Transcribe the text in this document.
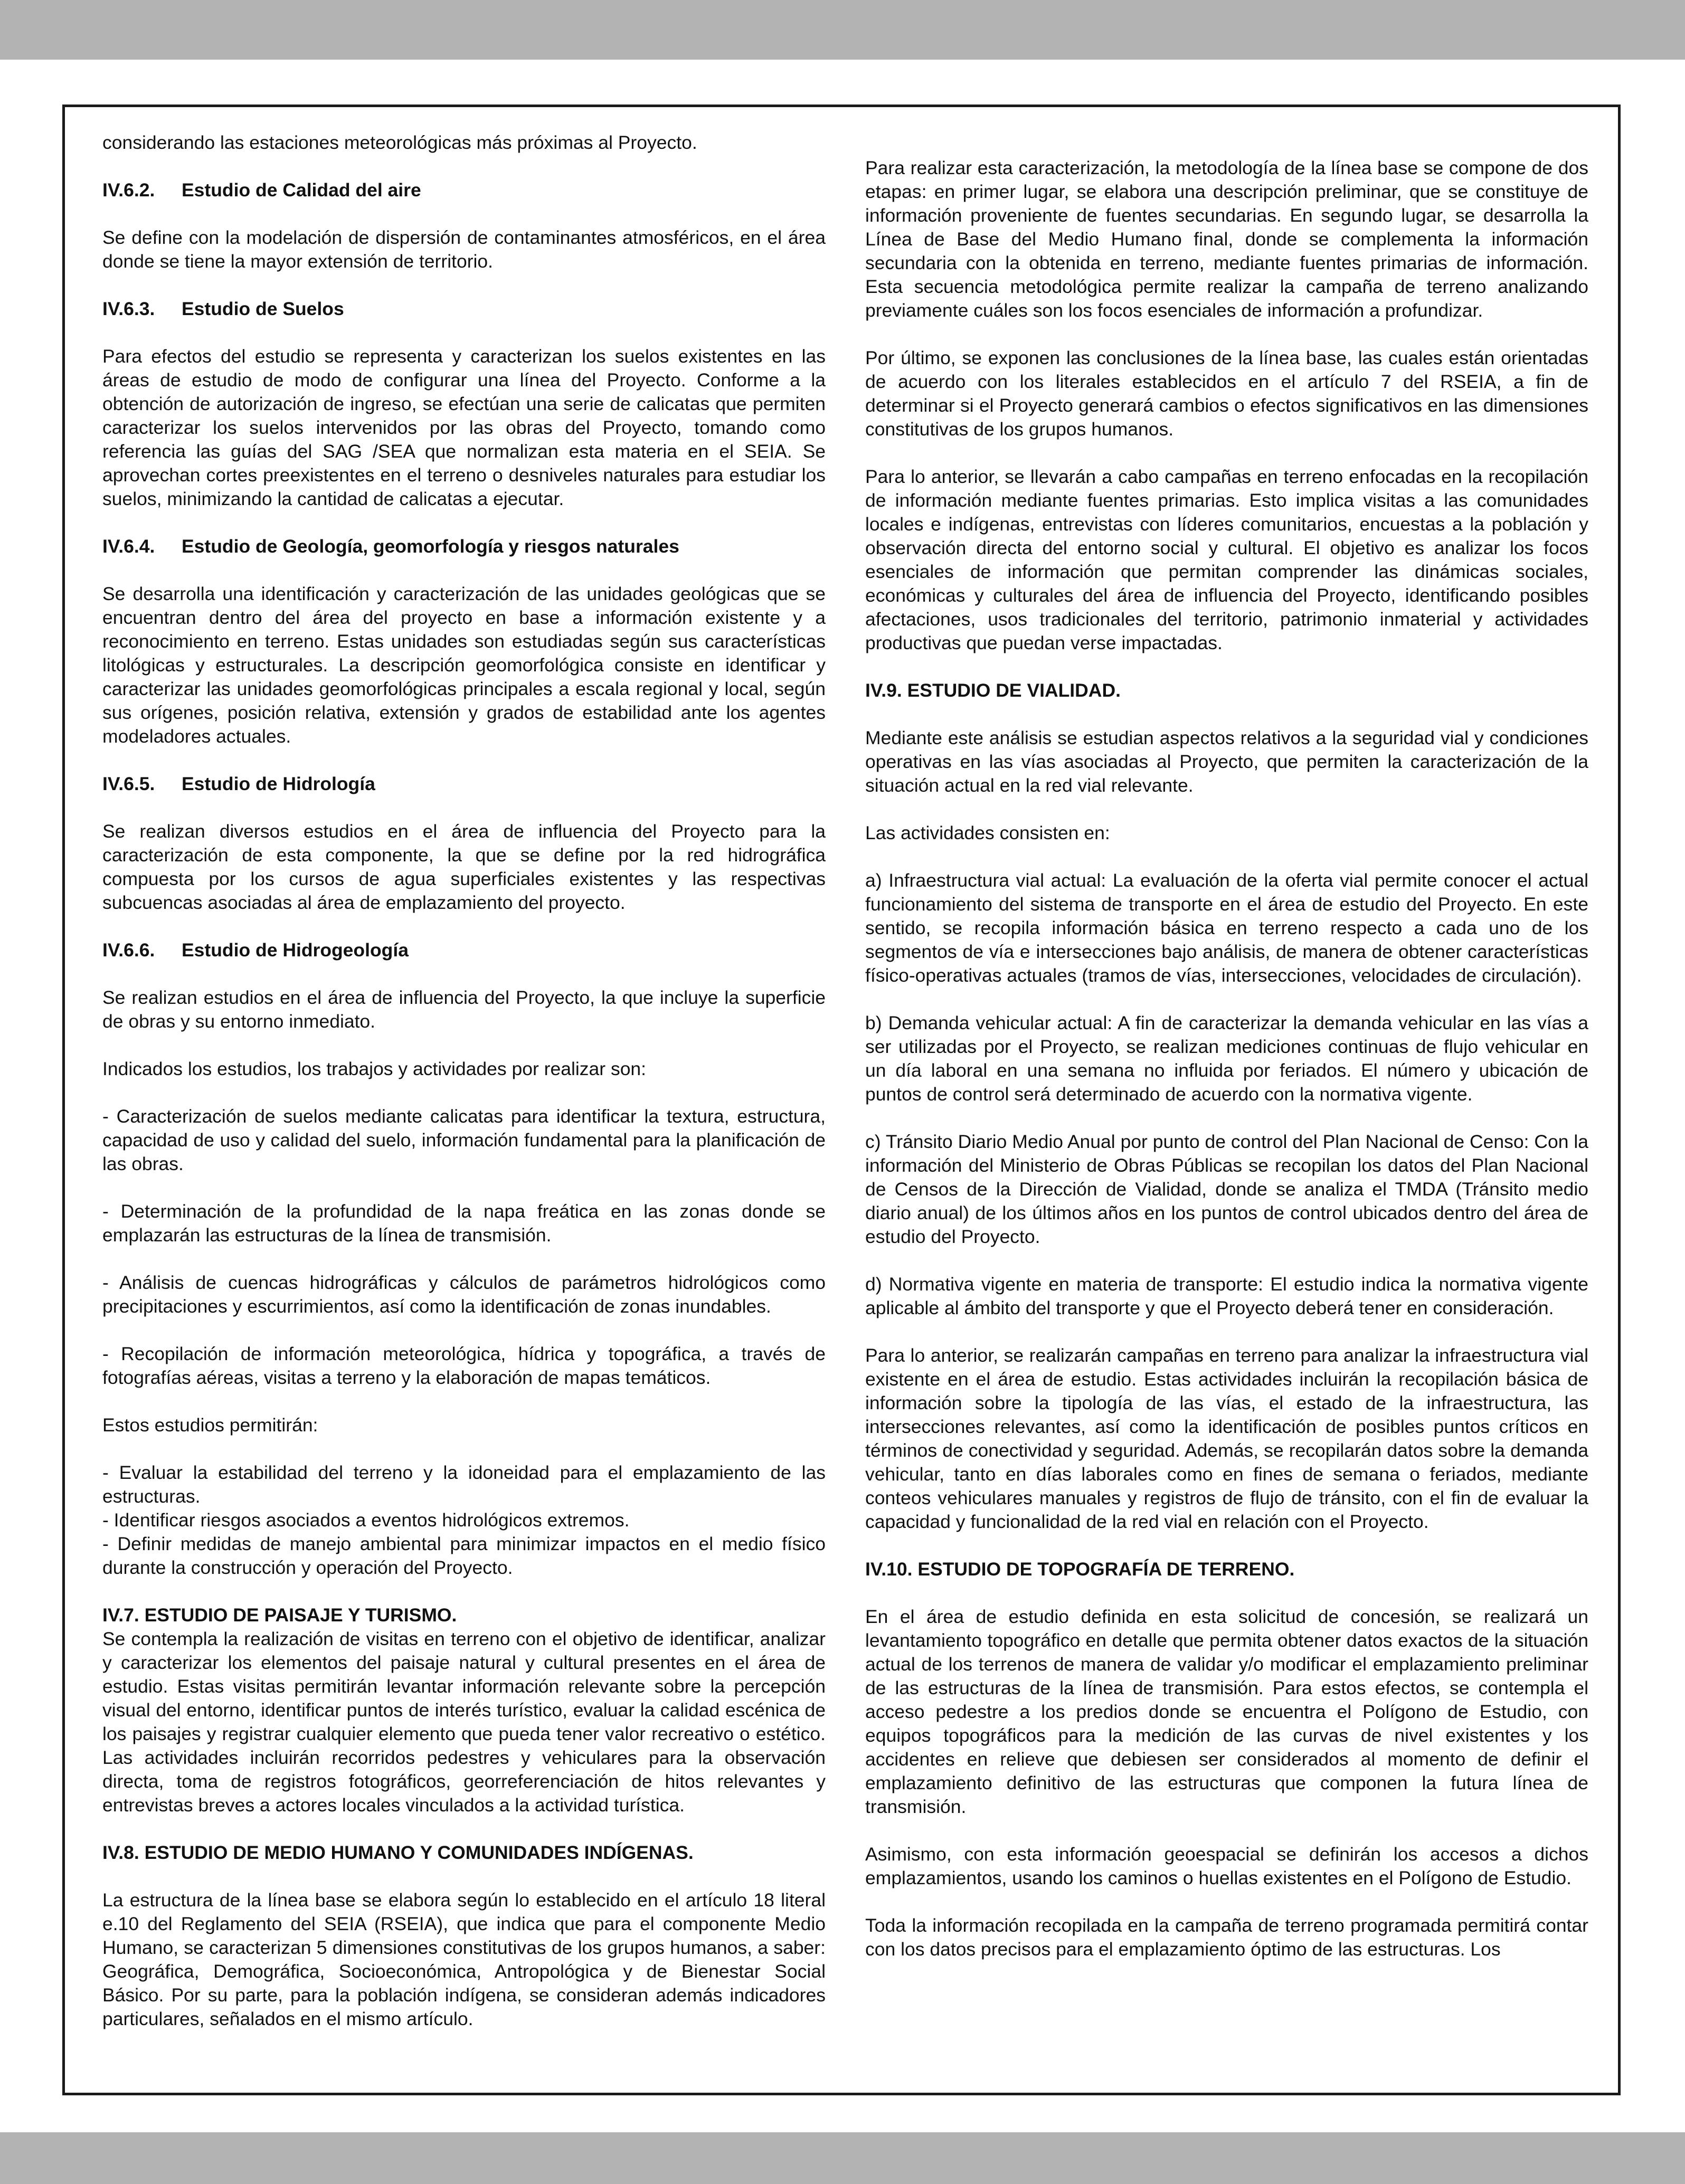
considerando las estaciones meteorológicas más próximas al Proyecto.

IV.6.2. Estudio de Calidad del aire

Se define con la modelación de dispersión de contaminantes atmosféricos, en el área donde se tiene la mayor extensión de territorio.

IV.6.3. Estudio de Suelos

Para efectos del estudio se representa y caracterizan los suelos existentes en las áreas de estudio de modo de configurar una línea del Proyecto. Conforme a la obtención de autorización de ingreso, se efectúan una serie de calicatas que permiten caracterizar los suelos intervenidos por las obras del Proyecto, tomando como referencia las guías del SAG /SEA que normalizan esta materia en el SEIA. Se aprovechan cortes preexistentes en el terreno o desniveles naturales para estudiar los suelos, minimizando la cantidad de calicatas a ejecutar.

IV.6.4. Estudio de Geología, geomorfología y riesgos naturales

Se desarrolla una identificación y caracterización de las unidades geológicas que se encuentran dentro del área del proyecto en base a información existente y a reconocimiento en terreno. Estas unidades son estudiadas según sus características litológicas y estructurales. La descripción geomorfológica consiste en identificar y caracterizar las unidades geomorfológicas principales a escala regional y local, según sus orígenes, posición relativa, extensión y grados de estabilidad ante los agentes modeladores actuales.

IV.6.5. Estudio de Hidrología

Se realizan diversos estudios en el área de influencia del Proyecto para la caracterización de esta componente, la que se define por la red hidrográfica compuesta por los cursos de agua superficiales existentes y las respectivas subcuencas asociadas al área de emplazamiento del proyecto.

IV.6.6. Estudio de Hidrogeología

Se realizan estudios en el área de influencia del Proyecto, la que incluye la superficie de obras y su entorno inmediato.

Indicados los estudios, los trabajos y actividades por realizar son:

- Caracterización de suelos mediante calicatas para identificar la textura, estructura, capacidad de uso y calidad del suelo, información fundamental para la planificación de las obras.

- Determinación de la profundidad de la napa freática en las zonas donde se emplazarán las estructuras de la línea de transmisión.

- Análisis de cuencas hidrográficas y cálculos de parámetros hidrológicos como precipitaciones y escurrimientos, así como la identificación de zonas inundables.

- Recopilación de información meteorológica, hídrica y topográfica, a través de fotografías aéreas, visitas a terreno y la elaboración de mapas temáticos.

Estos estudios permitirán:

- Evaluar la estabilidad del terreno y la idoneidad para el emplazamiento de las estructuras.
- Identificar riesgos asociados a eventos hidrológicos extremos.
- Definir medidas de manejo ambiental para minimizar impactos en el medio físico durante la construcción y operación del Proyecto.
IV.7. ESTUDIO DE PAISAJE Y TURISMO.

Se contempla la realización de visitas en terreno con el objetivo de identificar, analizar y caracterizar los elementos del paisaje natural y cultural presentes en el área de estudio. Estas visitas permitirán levantar información relevante sobre la percepción visual del entorno, identificar puntos de interés turístico, evaluar la calidad escénica de los paisajes y registrar cualquier elemento que pueda tener valor recreativo o estético. Las actividades incluirán recorridos pedestres y vehiculares para la observación directa, toma de registros fotográficos, georreferenciación de hitos relevantes y entrevistas breves a actores locales vinculados a la actividad turística.

IV.8. ESTUDIO DE MEDIO HUMANO Y COMUNIDADES INDÍGENAS.

La estructura de la línea base se elabora según lo establecido en el artículo 18 literal e.10 del Reglamento del SEIA (RSEIA), que indica que para el componente Medio Humano, se caracterizan 5 dimensiones constitutivas de los grupos humanos, a saber: Geográfica, Demográfica, Socioeconómica, Antropológica y de Bienestar Social Básico. Por su parte, para la población indígena, se consideran además indicadores particulares, señalados en el mismo artículo.

Para realizar esta caracterización, la metodología de la línea base se compone de dos etapas: en primer lugar, se elabora una descripción preliminar, que se constituye de información proveniente de fuentes secundarias. En segundo lugar, se desarrolla la Línea de Base del Medio Humano final, donde se complementa la información secundaria con la obtenida en terreno, mediante fuentes primarias de información. Esta secuencia metodológica permite realizar la campaña de terreno analizando previamente cuáles son los focos esenciales de información a profundizar.

Por último, se exponen las conclusiones de la línea base, las cuales están orientadas de acuerdo con los literales establecidos en el artículo 7 del RSEIA, a fin de determinar si el Proyecto generará cambios o efectos significativos en las dimensiones constitutivas de los grupos humanos.

Para lo anterior, se llevarán a cabo campañas en terreno enfocadas en la recopilación de información mediante fuentes primarias. Esto implica visitas a las comunidades locales e indígenas, entrevistas con líderes comunitarios, encuestas a la población y observación directa del entorno social y cultural. El objetivo es analizar los focos esenciales de información que permitan comprender las dinámicas sociales, económicas y culturales del área de influencia del Proyecto, identificando posibles afectaciones, usos tradicionales del territorio, patrimonio inmaterial y actividades productivas que puedan verse impactadas.

IV.9. ESTUDIO DE VIALIDAD.

Mediante este análisis se estudian aspectos relativos a la seguridad vial y condiciones operativas en las vías asociadas al Proyecto, que permiten la caracterización de la situación actual en la red vial relevante.

Las actividades consisten en:

a) Infraestructura vial actual: La evaluación de la oferta vial permite conocer el actual funcionamiento del sistema de transporte en el área de estudio del Proyecto. En este sentido, se recopila información básica en terreno respecto a cada uno de los segmentos de vía e intersecciones bajo análisis, de manera de obtener características físico-operativas actuales (tramos de vías, intersecciones, velocidades de circulación).

b) Demanda vehicular actual: A fin de caracterizar la demanda vehicular en las vías a ser utilizadas por el Proyecto, se realizan mediciones continuas de flujo vehicular en un día laboral en una semana no influida por feriados. El número y ubicación de puntos de control será determinado de acuerdo con la normativa vigente.

c) Tránsito Diario Medio Anual por punto de control del Plan Nacional de Censo: Con la información del Ministerio de Obras Públicas se recopilan los datos del Plan Nacional de Censos de la Dirección de Vialidad, donde se analiza el TMDA (Tránsito medio diario anual) de los últimos años en los puntos de control ubicados dentro del área de estudio del Proyecto.

d) Normativa vigente en materia de transporte: El estudio indica la normativa vigente aplicable al ámbito del transporte y que el Proyecto deberá tener en consideración.

Para lo anterior, se realizarán campañas en terreno para analizar la infraestructura vial existente en el área de estudio. Estas actividades incluirán la recopilación básica de información sobre la tipología de las vías, el estado de la infraestructura, las intersecciones relevantes, así como la identificación de posibles puntos críticos en términos de conectividad y seguridad. Además, se recopilarán datos sobre la demanda vehicular, tanto en días laborales como en fines de semana o feriados, mediante conteos vehiculares manuales y registros de flujo de tránsito, con el fin de evaluar la capacidad y funcionalidad de la red vial en relación con el Proyecto.

IV.10. ESTUDIO DE TOPOGRAFÍA DE TERRENO.

En el área de estudio definida en esta solicitud de concesión, se realizará un levantamiento topográfico en detalle que permita obtener datos exactos de la situación actual de los terrenos de manera de validar y/o modificar el emplazamiento preliminar de las estructuras de la línea de transmisión. Para estos efectos, se contempla el acceso pedestre a los predios donde se encuentra el Polígono de Estudio, con equipos topográficos para la medición de las curvas de nivel existentes y los accidentes en relieve que debiesen ser considerados al momento de definir el emplazamiento definitivo de las estructuras que componen la futura línea de transmisión.

Asimismo, con esta información geoespacial se definirán los accesos a dichos emplazamientos, usando los caminos o huellas existentes en el Polígono de Estudio.

Toda la información recopilada en la campaña de terreno programada permitirá contar con los datos precisos para el emplazamiento óptimo de las estructuras. Los
